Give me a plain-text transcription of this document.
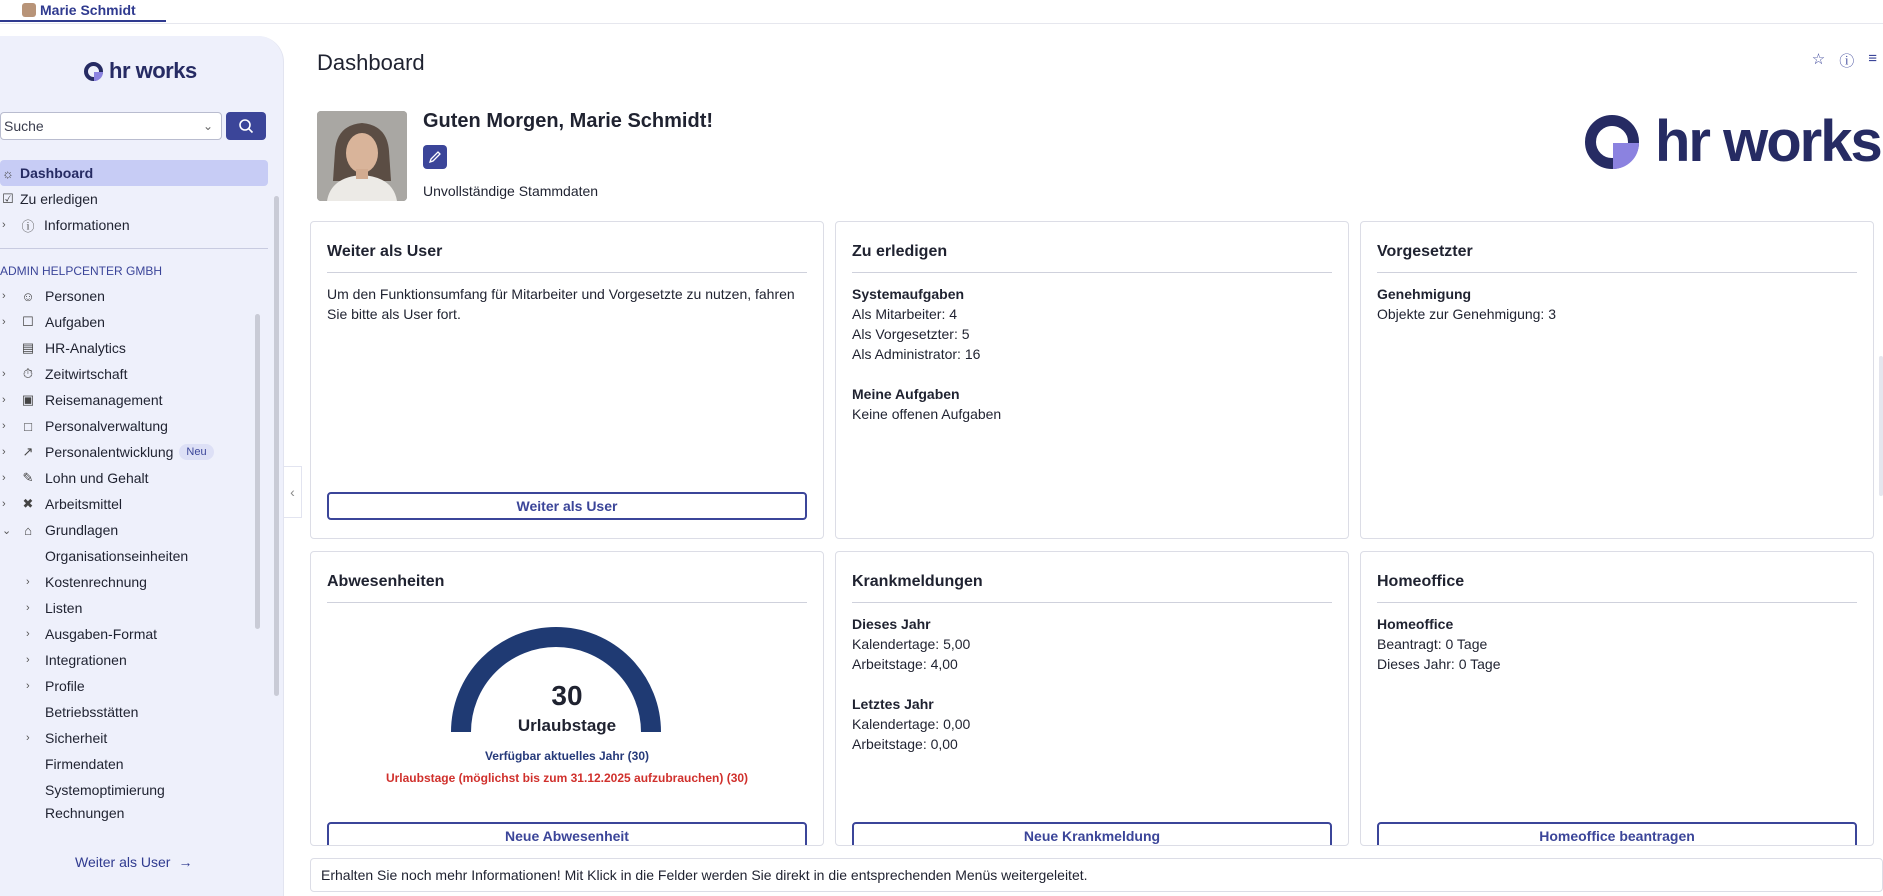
Marie Schmidt
hr works
Suche	⌄
☼ Dashboard
☑ Zu erledigen
›	ⓘ Informationen
ADMIN HELPCENTER GMBH
›	☺ Personen
›	☐ Aufgaben
▤ HR-Analytics
›	⏱ Zeitwirtschaft
›	▣ Reisemanagement
›	□ Personalverwaltung
›	↗ Personalentwicklung	Neu
›	✎ Lohn und Gehalt
›	✖ Arbeitsmittel
⌄ ⌂ Grundlagen
Organisationseinheiten
›	Kostenrechnung
›	Listen
›	Ausgaben-Format
›	Integrationen
›	Profile
Betriebsstätten
›	Sicherheit
Firmendaten
Systemoptimierung
Rechnungen
Weiter als User →
‹
Dashboard	☆ ⓘ ≡
Guten Morgen, Marie Schmidt!
Unvollständige Stammdaten
hr works
Weiter als User
Um den Funktionsumfang für Mitarbeiter und Vorgesetzte zu nutzen, fahren Sie bitte als User fort.
Weiter als User
Zu erledigen
Systemaufgaben
Als Mitarbeiter: 4
Als Vorgesetzter: 5
Als Administrator: 16
Meine Aufgaben
Keine offenen Aufgaben
Vorgesetzter
Genehmigung
Objekte zur Genehmigung: 3
Abwesenheiten
30
Urlaubstage
Verfügbar aktuelles Jahr (30)
Urlaubstage (möglichst bis zum 31.12.2025 aufzubrauchen) (30)
Neue Abwesenheit
Krankmeldungen
Dieses Jahr
Kalendertage: 5,00
Arbeitstage: 4,00
Letztes Jahr
Kalendertage: 0,00
Arbeitstage: 0,00
Neue Krankmeldung
Homeoffice
Homeoffice
Beantragt: 0 Tage
Dieses Jahr: 0 Tage
Homeoffice beantragen
Erhalten Sie noch mehr Informationen! Mit Klick in die Felder werden Sie direkt in die entsprechenden Menüs weitergeleitet.
